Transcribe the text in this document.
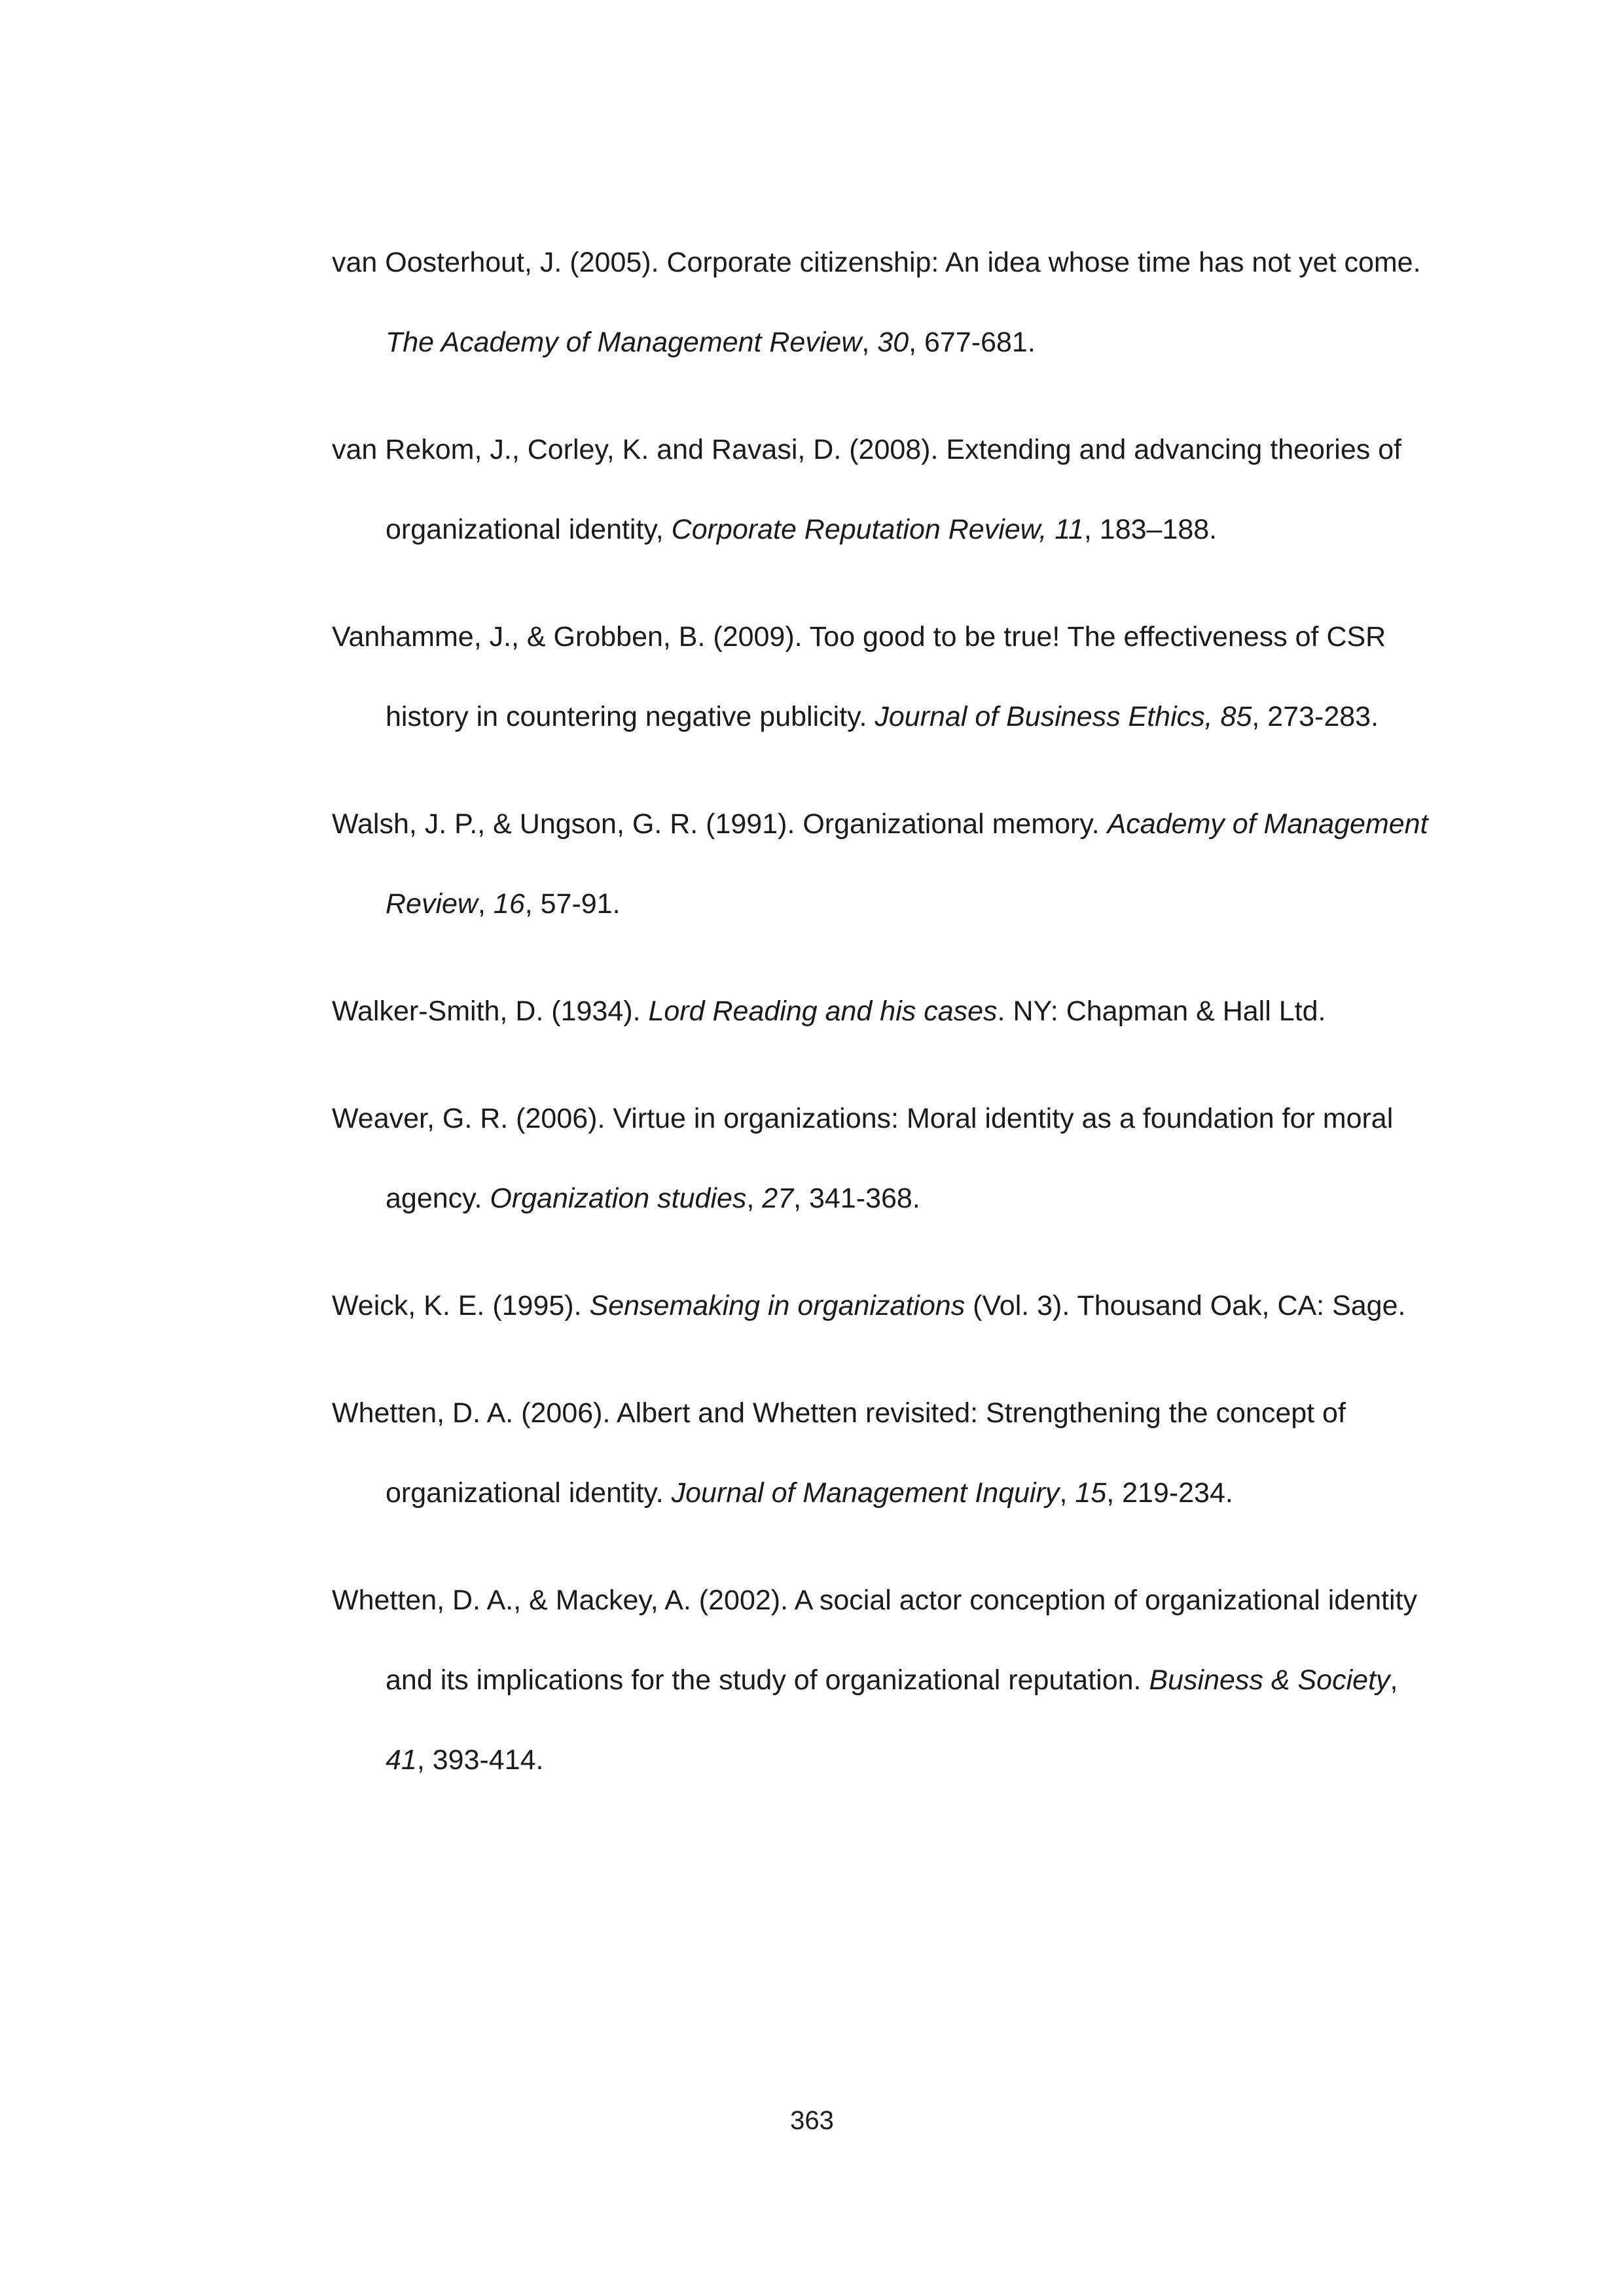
van Oosterhout, J. (2005). Corporate citizenship: An idea whose time has not yet come. The Academy of Management Review, 30, 677-681.
van Rekom, J., Corley, K. and Ravasi, D. (2008). Extending and advancing theories of organizational identity, Corporate Reputation Review, 11, 183–188.
Vanhamme, J., & Grobben, B. (2009). Too good to be true! The effectiveness of CSR history in countering negative publicity. Journal of Business Ethics, 85, 273-283.
Walsh, J. P., & Ungson, G. R. (1991). Organizational memory. Academy of Management Review, 16, 57-91.
Walker-Smith, D. (1934). Lord Reading and his cases. NY: Chapman & Hall Ltd.
Weaver, G. R. (2006). Virtue in organizations: Moral identity as a foundation for moral agency. Organization studies, 27, 341-368.
Weick, K. E. (1995). Sensemaking in organizations (Vol. 3). Thousand Oak, CA: Sage.
Whetten, D. A. (2006). Albert and Whetten revisited: Strengthening the concept of organizational identity. Journal of Management Inquiry, 15, 219-234.
Whetten, D. A., & Mackey, A. (2002). A social actor conception of organizational identity and its implications for the study of organizational reputation. Business & Society, 41, 393-414.
363
